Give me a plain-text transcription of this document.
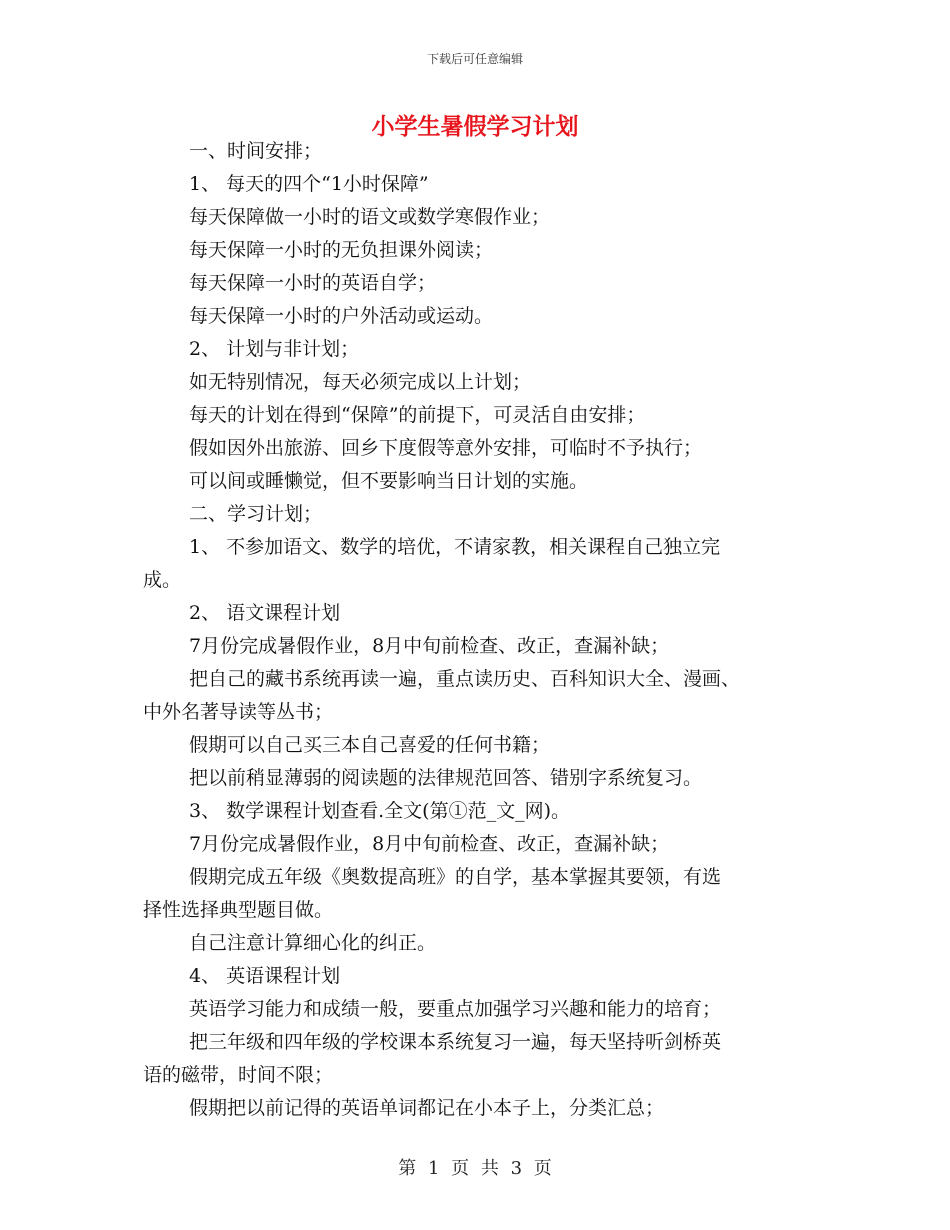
下载后可任意编辑
小学生暑假学习计划
一、时间安排；
1、 每天的四个“1小时保障”
每天保障做一小时的语文或数学寒假作业；
每天保障一小时的无负担课外阅读；
每天保障一小时的英语自学；
每天保障一小时的户外活动或运动。
2、 计划与非计划；
如无特别情况，每天必须完成以上计划；
每天的计划在得到“保障”的前提下，可灵活自由安排；
假如因外出旅游、回乡下度假等意外安排，可临时不予执行；
可以间或睡懒觉，但不要影响当日计划的实施。
二、学习计划；
1、 不参加语文、数学的培优，不请家教，相关课程自己独立完
成。
2、 语文课程计划
7月份完成暑假作业，8月中旬前检查、改正，查漏补缺；
把自己的藏书系统再读一遍，重点读历史、百科知识大全、漫画、
中外名著导读等丛书；
假期可以自己买三本自己喜爱的任何书籍；
把以前稍显薄弱的阅读题的法律规范回答、错别字系统复习。
3、 数学课程计划查看.全文(第①范_文_网)。
7月份完成暑假作业，8月中旬前检查、改正，查漏补缺；
假期完成五年级《奥数提高班》的自学，基本掌握其要领，有选
择性选择典型题目做。
自己注意计算细心化的纠正。
4、 英语课程计划
英语学习能力和成绩一般，要重点加强学习兴趣和能力的培育；
把三年级和四年级的学校课本系统复习一遍，每天坚持听剑桥英
语的磁带，时间不限；
假期把以前记得的英语单词都记在小本子上，分类汇总；
第 1 页 共 3 页
